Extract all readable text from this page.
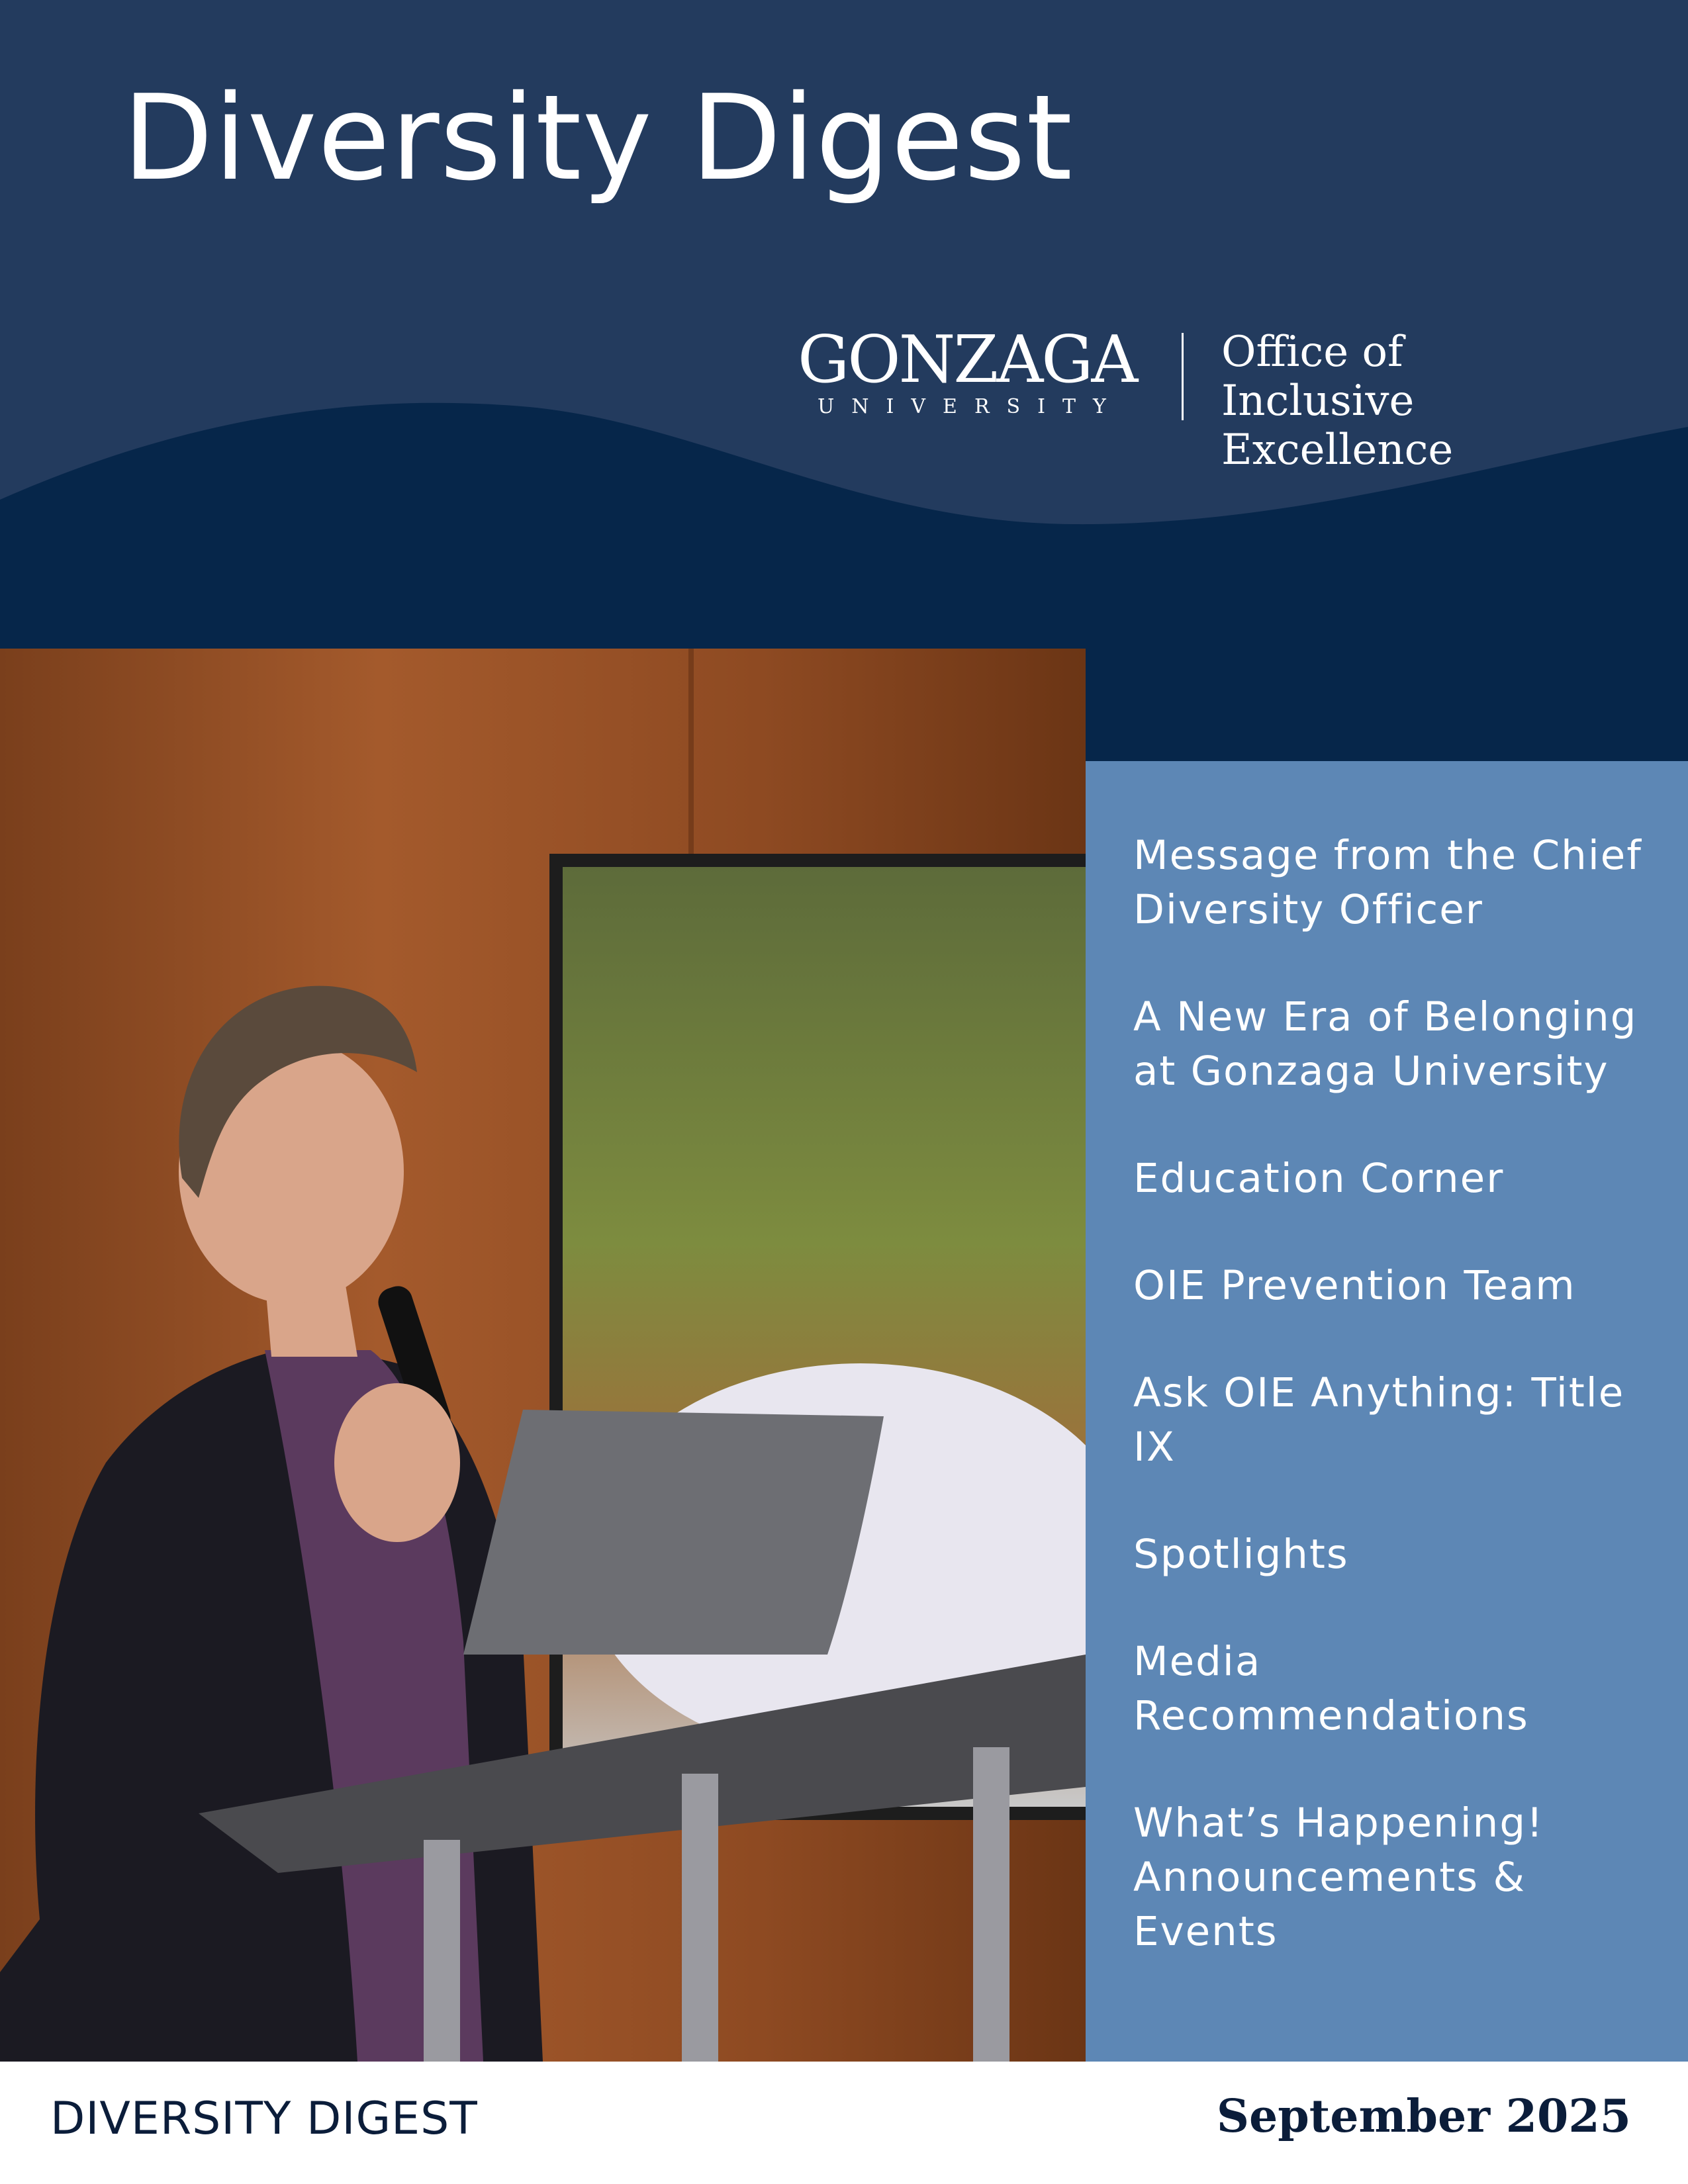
Diversity Digest
GONZAGA
UNIVERSITY
Office of
Inclusive Excellence
Message from the Chief Diversity Officer
A New Era of Belonging at Gonzaga University
Education Corner
OIE Prevention Team
Ask OIE Anything: Title IX
Spotlights
Media Recommendations
What’s Happening! Announcements & Events
DIVERSITY DIGEST	September 2025
